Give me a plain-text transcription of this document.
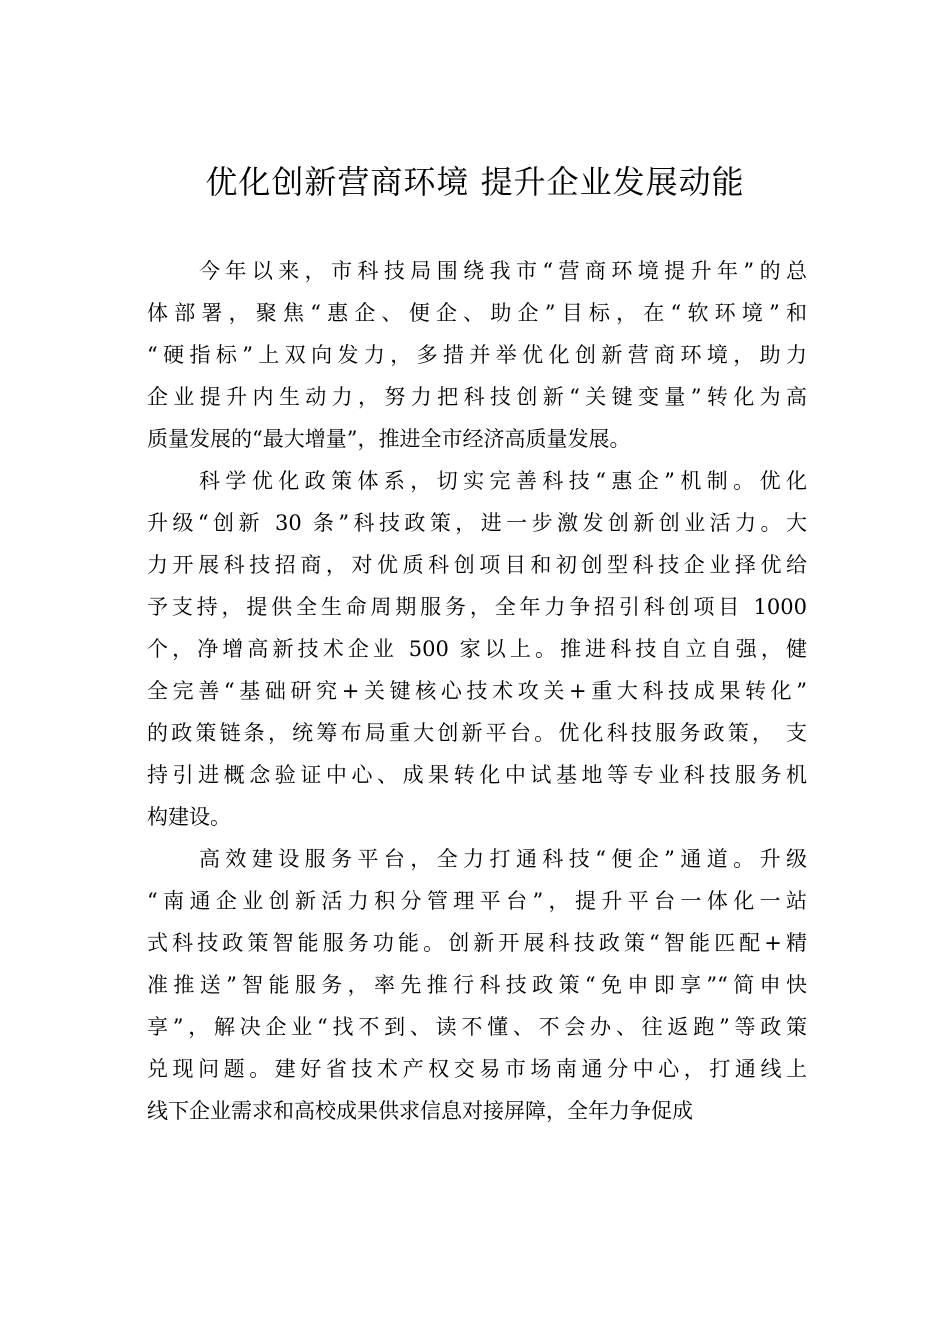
优化创新营商环境 提升企业发展动能
今年以来，市科技局围绕我市“营商环境提升年”的总
体部署，聚焦“惠企、便企、助企”目标，在“软环境”和
“硬指标”上双向发力，多措并举优化创新营商环境，助力
企业提升内生动力，努力把科技创新“关键变量”转化为高
质量发展的“最大增量”，推进全市经济高质量发展。
科学优化政策体系，切实完善科技“惠企”机制。优化
升级“创新 30 条”科技政策，进一步激发创新创业活力。大
力开展科技招商，对优质科创项目和初创型科技企业择优给
予支持，提供全生命周期服务，全年力争招引科创项目 1000
个，净增高新技术企业 500 家以上。推进科技自立自强，健
全完善“基础研究+关键核心技术攻关+重大科技成果转化”
的政策链条，统筹布局重大创新平台。优化科技服务政策， 支
持引进概念验证中心、成果转化中试基地等专业科技服务机
构建设。
高效建设服务平台，全力打通科技“便企”通道。升级
“南通企业创新活力积分管理平台”，提升平台一体化一站
式科技政策智能服务功能。创新开展科技政策“智能匹配+精
准推送”智能服务，率先推行科技政策“免申即享”“简申快
享”，解决企业“找不到、读不懂、不会办、往返跑”等政策
兑现问题。建好省技术产权交易市场南通分中心，打通线上
线下企业需求和高校成果供求信息对接屏障，全年力争促成
